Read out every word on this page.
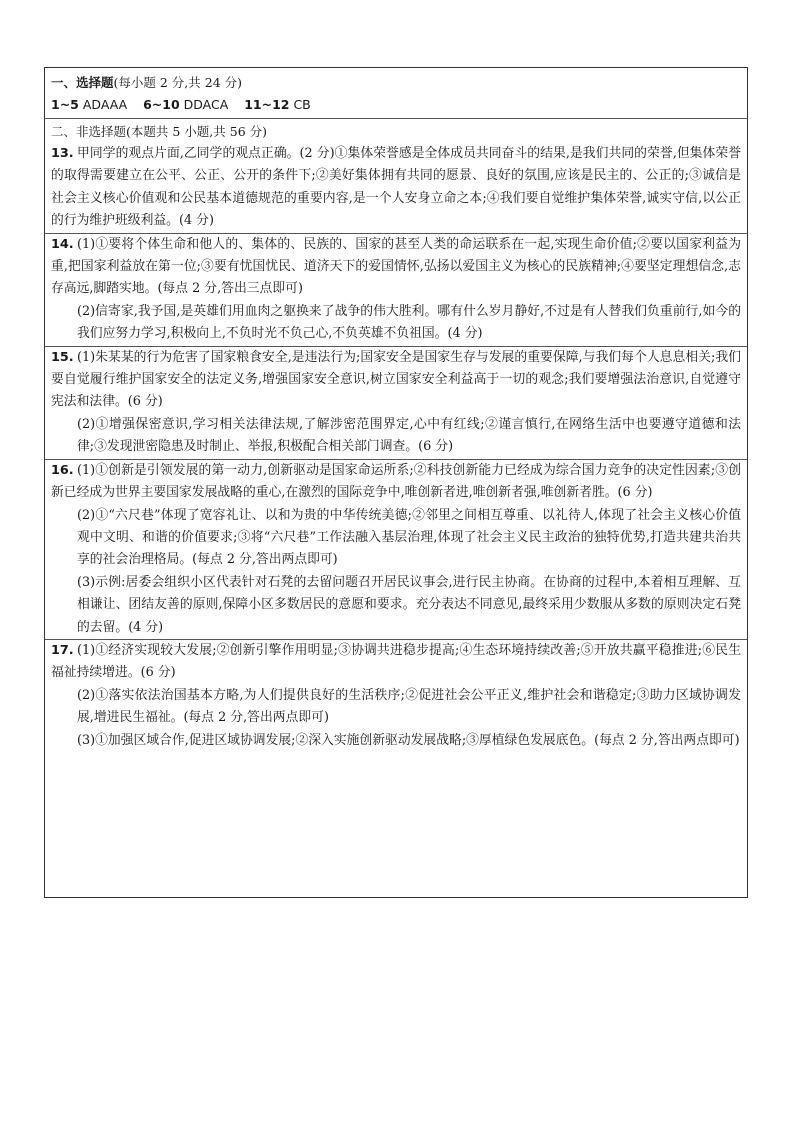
一、选择题(每小题 2 分,共 24 分)
1~5 ADAAA 6~10 DDACA 11~12 CB
二、非选择题(本题共 5 小题,共 56 分)

13. 甲同学的观点片面,乙同学的观点正确。(2 分)①集体荣誉感是全体成员共同奋斗的结果,是我们共同的荣誉,但集体荣誉的取得需要建立在公平、公正、公开的条件下;②美好集体拥有共同的愿景、良好的氛围,应该是民主的、公正的;③诚信是社会主义核心价值观和公民基本道德规范的重要内容,是一个人安身立命之本;④我们要自觉维护集体荣誉,诚实守信,以公正的行为维护班级利益。(4 分)

14. (1)①要将个体生命和他人的、集体的、民族的、国家的甚至人类的命运联系在一起,实现生命价值;②要以国家利益为重,把国家利益放在第一位;③要有忧国忧民、道济天下的爱国情怀,弘扬以爱国主义为核心的民族精神;④要坚定理想信念,志存高远,脚踏实地。(每点 2 分,答出三点即可)

(2)信寄家,我予国,是英雄们用血肉之躯换来了战争的伟大胜利。哪有什么岁月静好,不过是有人替我们负重前行,如今的我们应努力学习,积极向上,不负时光不负己心,不负英雄不负祖国。(4 分)

15. (1)朱某某的行为危害了国家粮食安全,是违法行为;国家安全是国家生存与发展的重要保障,与我们每个人息息相关;我们要自觉履行维护国家安全的法定义务,增强国家安全意识,树立国家安全利益高于一切的观念;我们要增强法治意识,自觉遵守宪法和法律。(6 分)

(2)①增强保密意识,学习相关法律法规,了解涉密范围界定,心中有红线;②谨言慎行,在网络生活中也要遵守道德和法律;③发现泄密隐患及时制止、举报,积极配合相关部门调查。(6 分)

16. (1)①创新是引领发展的第一动力,创新驱动是国家命运所系;②科技创新能力已经成为综合国力竞争的决定性因素;③创新已经成为世界主要国家发展战略的重心,在激烈的国际竞争中,唯创新者进,唯创新者强,唯创新者胜。(6 分)

(2)①“六尺巷”体现了宽容礼让、以和为贵的中华传统美德;②邻里之间相互尊重、以礼待人,体现了社会主义核心价值观中文明、和谐的价值要求;③将“六尺巷”工作法融入基层治理,体现了社会主义民主政治的独特优势,打造共建共治共享的社会治理格局。(每点 2 分,答出两点即可)

(3)示例:居委会组织小区代表针对石凳的去留问题召开居民议事会,进行民主协商。在协商的过程中,本着相互理解、互相谦让、团结友善的原则,保障小区多数居民的意愿和要求。充分表达不同意见,最终采用少数服从多数的原则决定石凳的去留。(4 分)

17. (1)①经济实现较大发展;②创新引擎作用明显;③协调共进稳步提高;④生态环境持续改善;⑤开放共赢平稳推进;⑥民生福祉持续增进。(6 分)

(2)①落实依法治国基本方略,为人们提供良好的生活秩序;②促进社会公平正义,维护社会和谐稳定;③助力区域协调发展,增进民生福祉。(每点 2 分,答出两点即可)

(3)①加强区域合作,促进区域协调发展;②深入实施创新驱动发展战略;③厚植绿色发展底色。(每点 2 分,答出两点即可)
